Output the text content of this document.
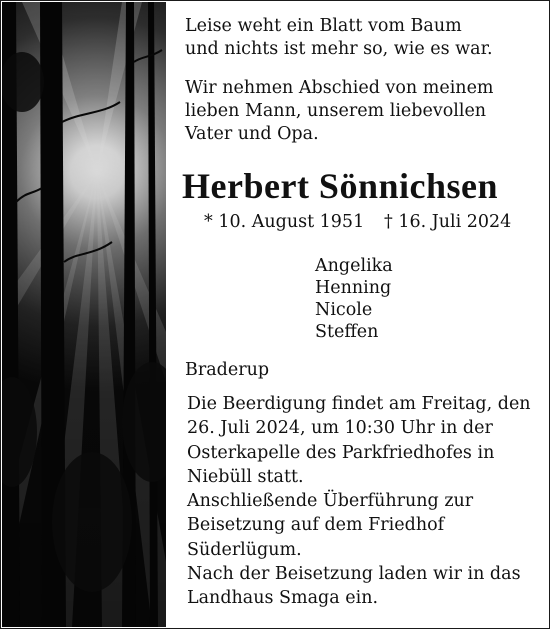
Leise weht ein Blatt vom Baum
und nichts ist mehr so, wie es war.
Wir nehmen Abschied von meinem
lieben Mann, unserem liebevollen
Vater und Opa.
Herbert Sönnichsen
* 10. August 1951 † 16. Juli 2024
Angelika
Henning
Nicole
Steffen
Braderup
Die Beerdigung findet am Freitag, den
26. Juli 2024, um 10:30 Uhr in der
Osterkapelle des Parkfriedhofes in
Niebüll statt.
Anschließende Überführung zur
Beisetzung auf dem Friedhof
Süderlügum.
Nach der Beisetzung laden wir in das
Landhaus Smaga ein.
